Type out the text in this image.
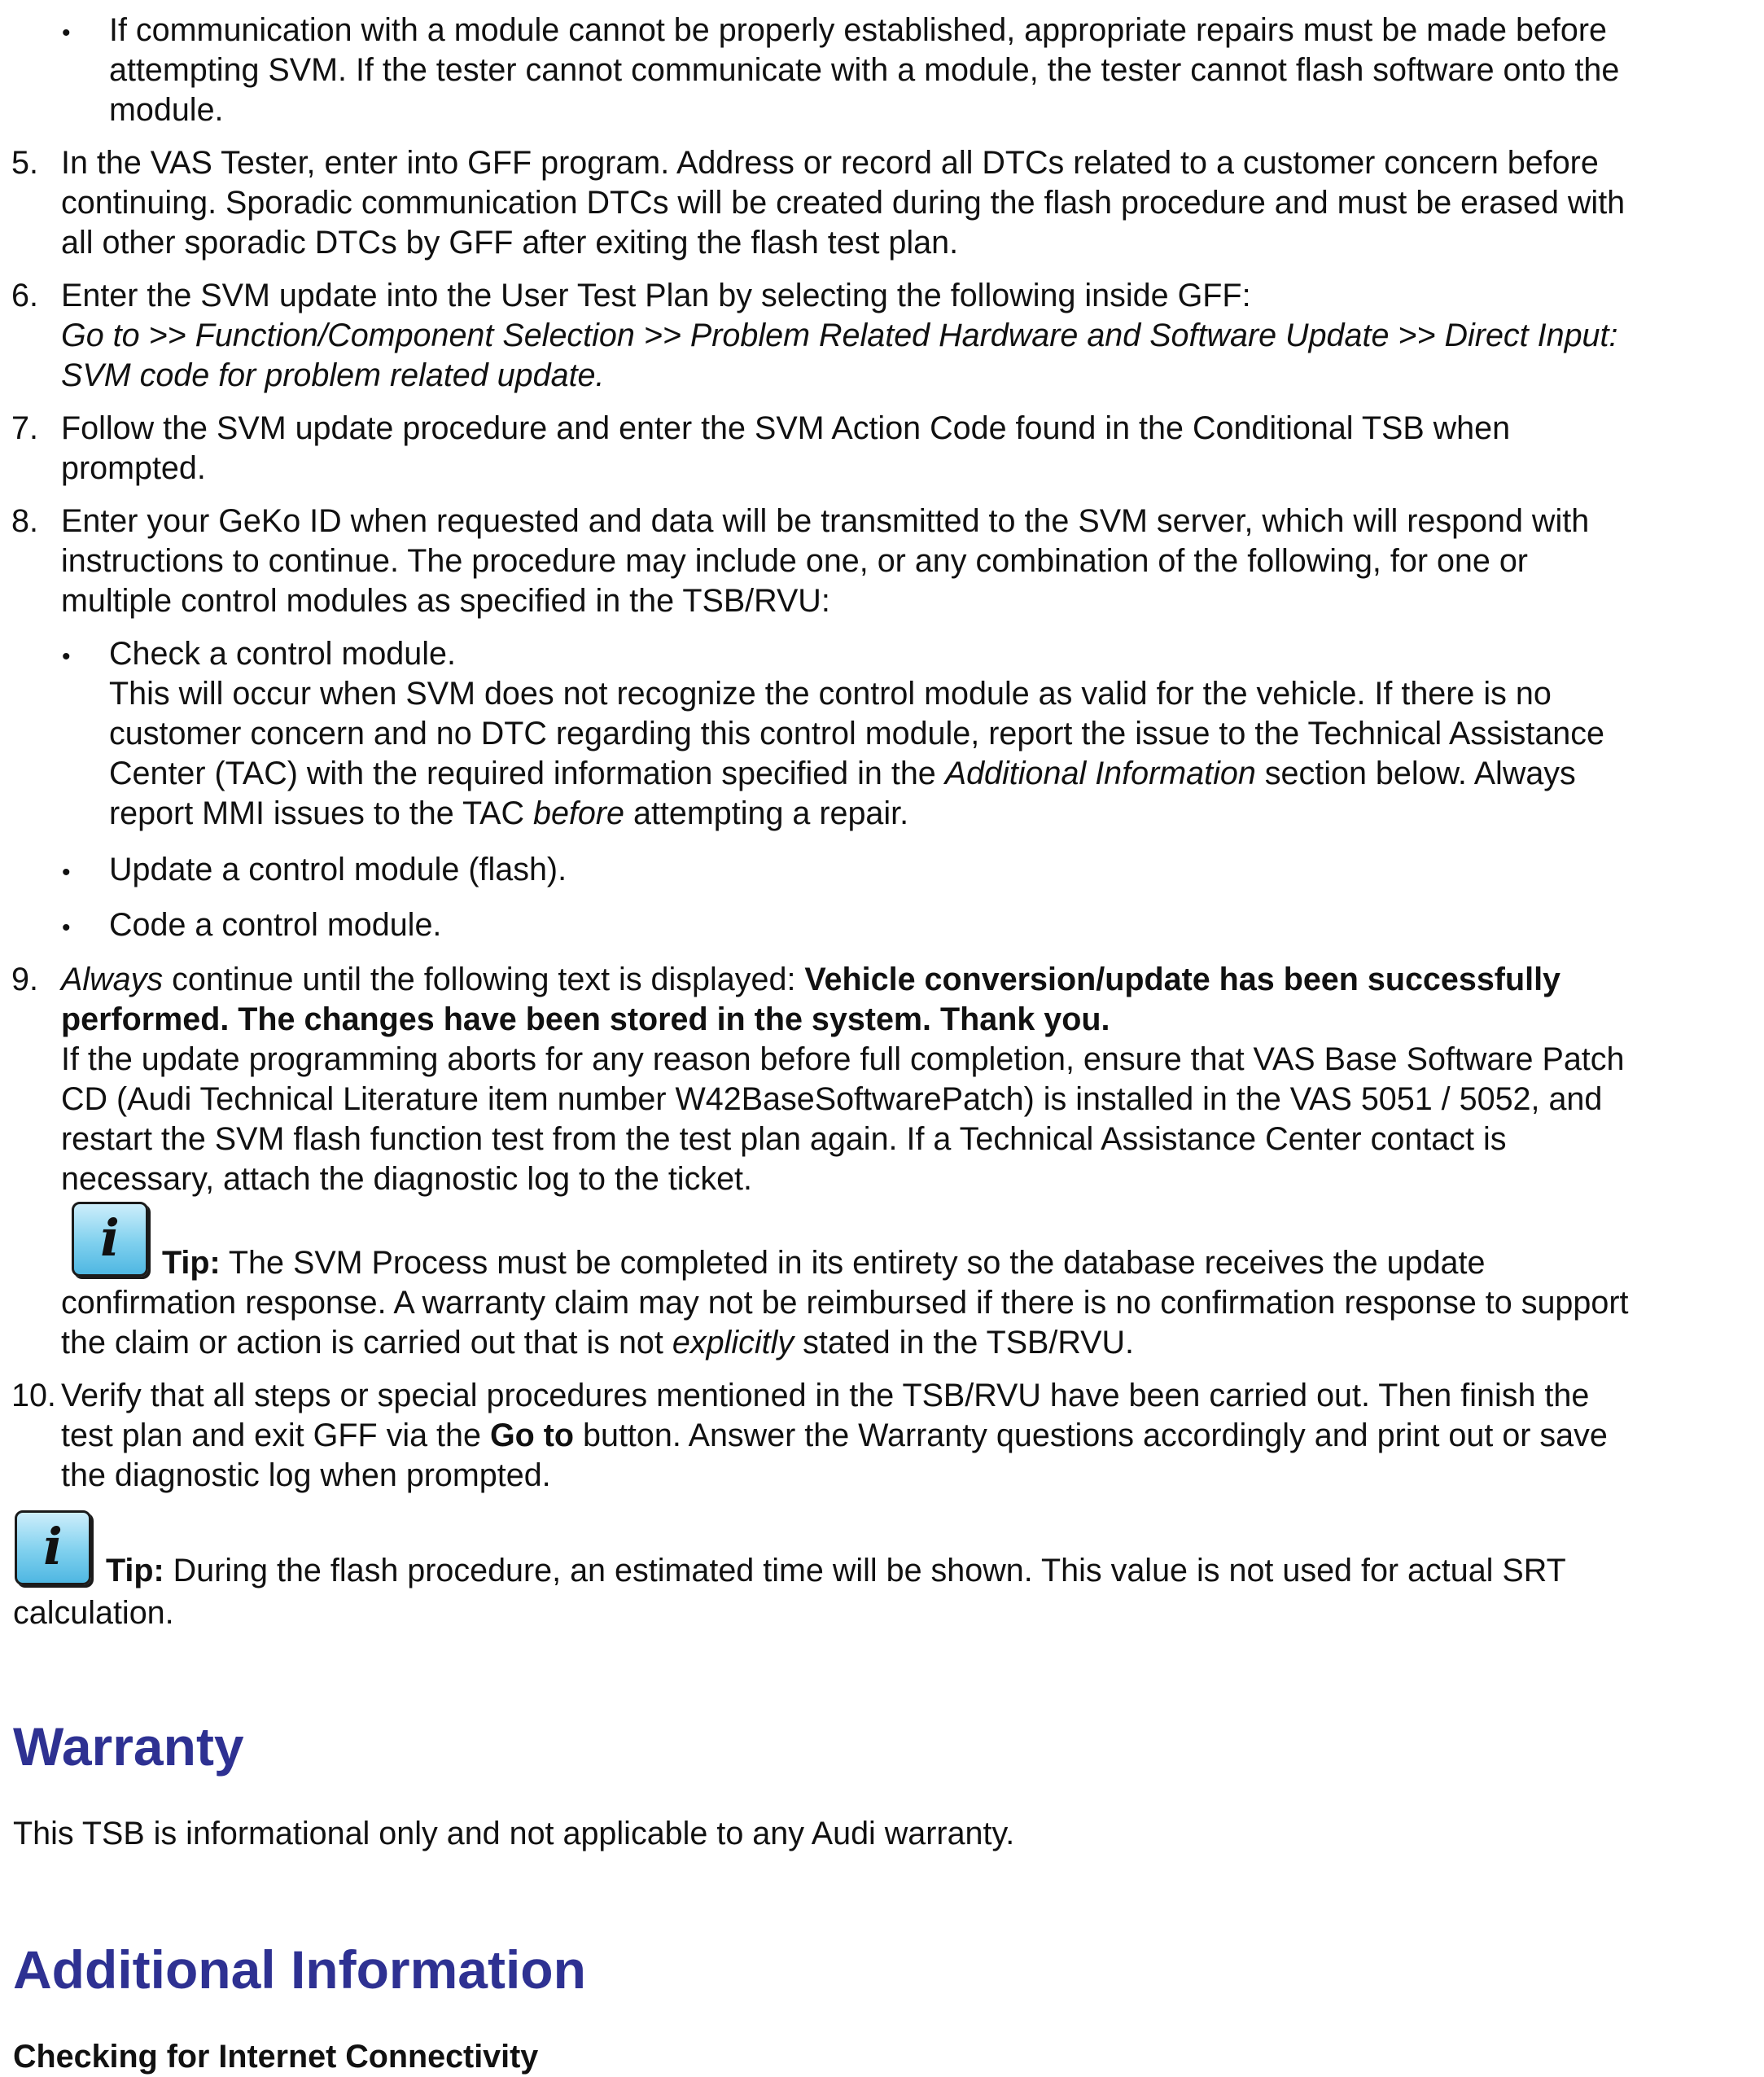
•
If communication with a module cannot be properly established, appropriate repairs must be made before
attempting SVM. If the tester cannot communicate with a module, the tester cannot flash software onto the
module.
5. In the VAS Tester, enter into GFF program. Address or record all DTCs related to a customer concern before
continuing. Sporadic communication DTCs will be created during the flash procedure and must be erased with
all other sporadic DTCs by GFF after exiting the flash test plan.
6. Enter the SVM update into the User Test Plan by selecting the following inside GFF:
Go to >> Function/Component Selection >> Problem Related Hardware and Software Update >> Direct Input:
SVM code for problem related update.
7. Follow the SVM update procedure and enter the SVM Action Code found in the Conditional TSB when
prompted.
8. Enter your GeKo ID when requested and data will be transmitted to the SVM server, which will respond with
instructions to continue. The procedure may include one, or any combination of the following, for one or
multiple control modules as specified in the TSB/RVU:
•
Check a control module.
This will occur when SVM does not recognize the control module as valid for the vehicle. If there is no
customer concern and no DTC regarding this control module, report the issue to the Technical Assistance
Center (TAC) with the required information specified in the Additional Information section below. Always
report MMI issues to the TAC before attempting a repair.
•
Update a control module (flash).
•
Code a control module.
9. Always continue until the following text is displayed: Vehicle conversion/update has been successfully
performed. The changes have been stored in the system. Thank you.
If the update programming aborts for any reason before full completion, ensure that VAS Base Software Patch
CD (Audi Technical Literature item number W42BaseSoftwarePatch) is installed in the VAS 5051 / 5052, and
restart the SVM flash function test from the test plan again. If a Technical Assistance Center contact is
necessary, attach the diagnostic log to the ticket.
i	Tip: The SVM Process must be completed in its entirety so the database receives the update
confirmation response. A warranty claim may not be reimbursed if there is no confirmation response to support
the claim or action is carried out that is not explicitly stated in the TSB/RVU.
10. Verify that all steps or special procedures mentioned in the TSB/RVU have been carried out. Then finish the
test plan and exit GFF via the Go to button. Answer the Warranty questions accordingly and print out or save
the diagnostic log when prompted.
i	Tip: During the flash procedure, an estimated time will be shown. This value is not used for actual SRT
calculation.
Warranty
This TSB is informational only and not applicable to any Audi warranty.
Additional Information
Checking for Internet Connectivity
